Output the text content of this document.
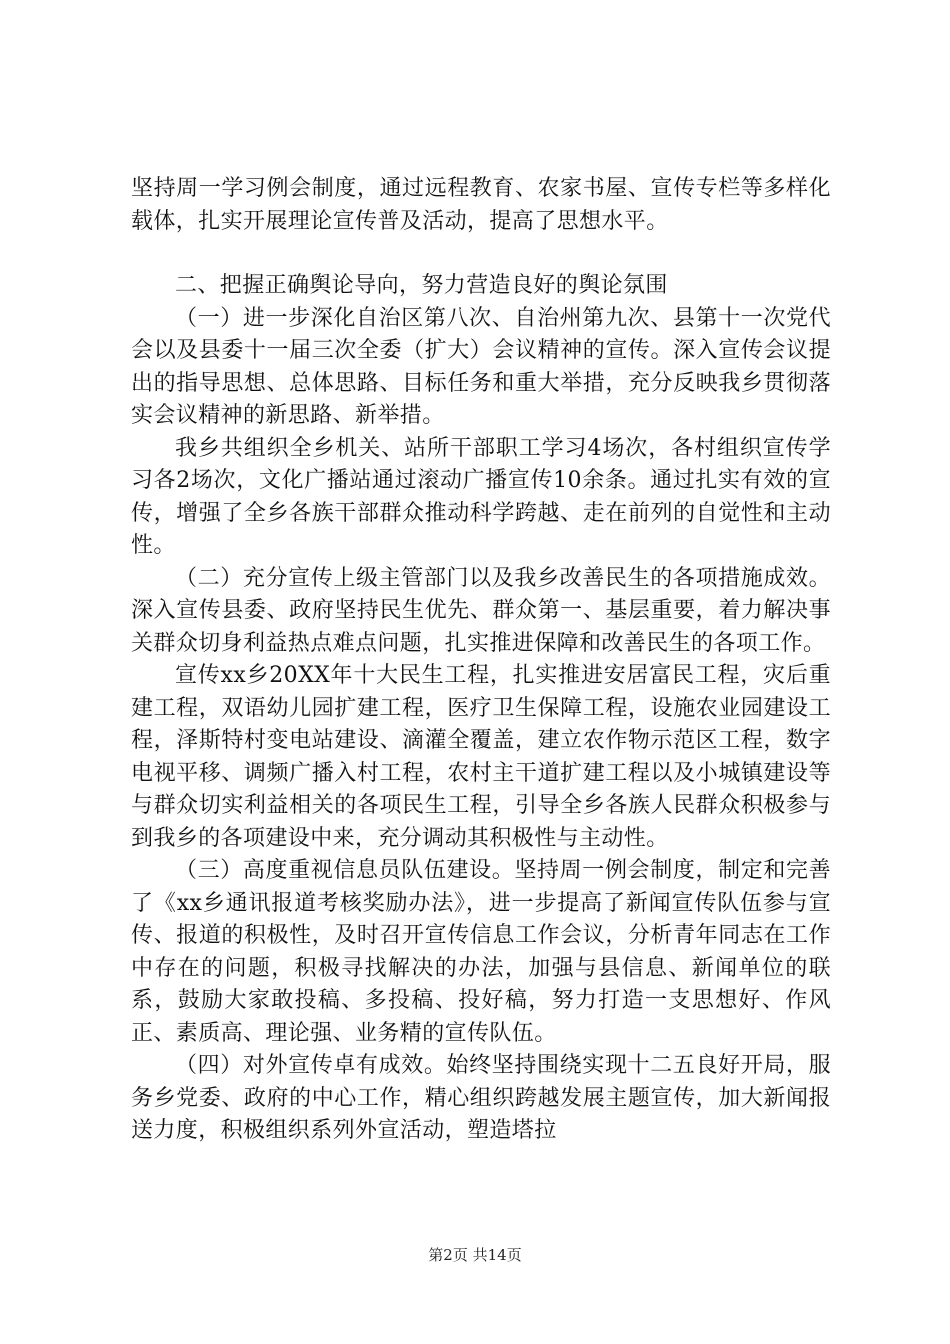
坚持周一学习例会制度，通过远程教育、农家书屋、宣传专栏等多样化载体，扎实开展理论宣传普及活动，提高了思想水平。

二、把握正确舆论导向，努力营造良好的舆论氛围

（一）进一步深化自治区第八次、自治州第九次、县第十一次党代会以及县委十一届三次全委（扩大）会议精神的宣传。深入宣传会议提出的指导思想、总体思路、目标任务和重大举措，充分反映我乡贯彻落实会议精神的新思路、新举措。

我乡共组织全乡机关、站所干部职工学习4场次，各村组织宣传学习各2场次，文化广播站通过滚动广播宣传10余条。通过扎实有效的宣传，增强了全乡各族干部群众推动科学跨越、走在前列的自觉性和主动性。

（二）充分宣传上级主管部门以及我乡改善民生的各项措施成效。深入宣传县委、政府坚持民生优先、群众第一、基层重要，着力解决事关群众切身利益热点难点问题，扎实推进保障和改善民生的各项工作。

宣传xx乡20XX年十大民生工程，扎实推进安居富民工程，灾后重建工程，双语幼儿园扩建工程，医疗卫生保障工程，设施农业园建设工程，泽斯特村变电站建设、滴灌全覆盖，建立农作物示范区工程，数字电视平移、调频广播入村工程，农村主干道扩建工程以及小城镇建设等与群众切实利益相关的各项民生工程，引导全乡各族人民群众积极参与到我乡的各项建设中来，充分调动其积极性与主动性。

（三）高度重视信息员队伍建设。坚持周一例会制度，制定和完善了《xx乡通讯报道考核奖励办法》，进一步提高了新闻宣传队伍参与宣传、报道的积极性，及时召开宣传信息工作会议，分析青年同志在工作中存在的问题，积极寻找解决的办法，加强与县信息、新闻单位的联系，鼓励大家敢投稿、多投稿、投好稿，努力打造一支思想好、作风正、素质高、理论强、业务精的宣传队伍。

（四）对外宣传卓有成效。始终坚持围绕实现十二五良好开局，服务乡党委、政府的中心工作，精心组织跨越发展主题宣传，加大新闻报送力度，积极组织系列外宣活动，塑造塔拉

第2页 共14页
